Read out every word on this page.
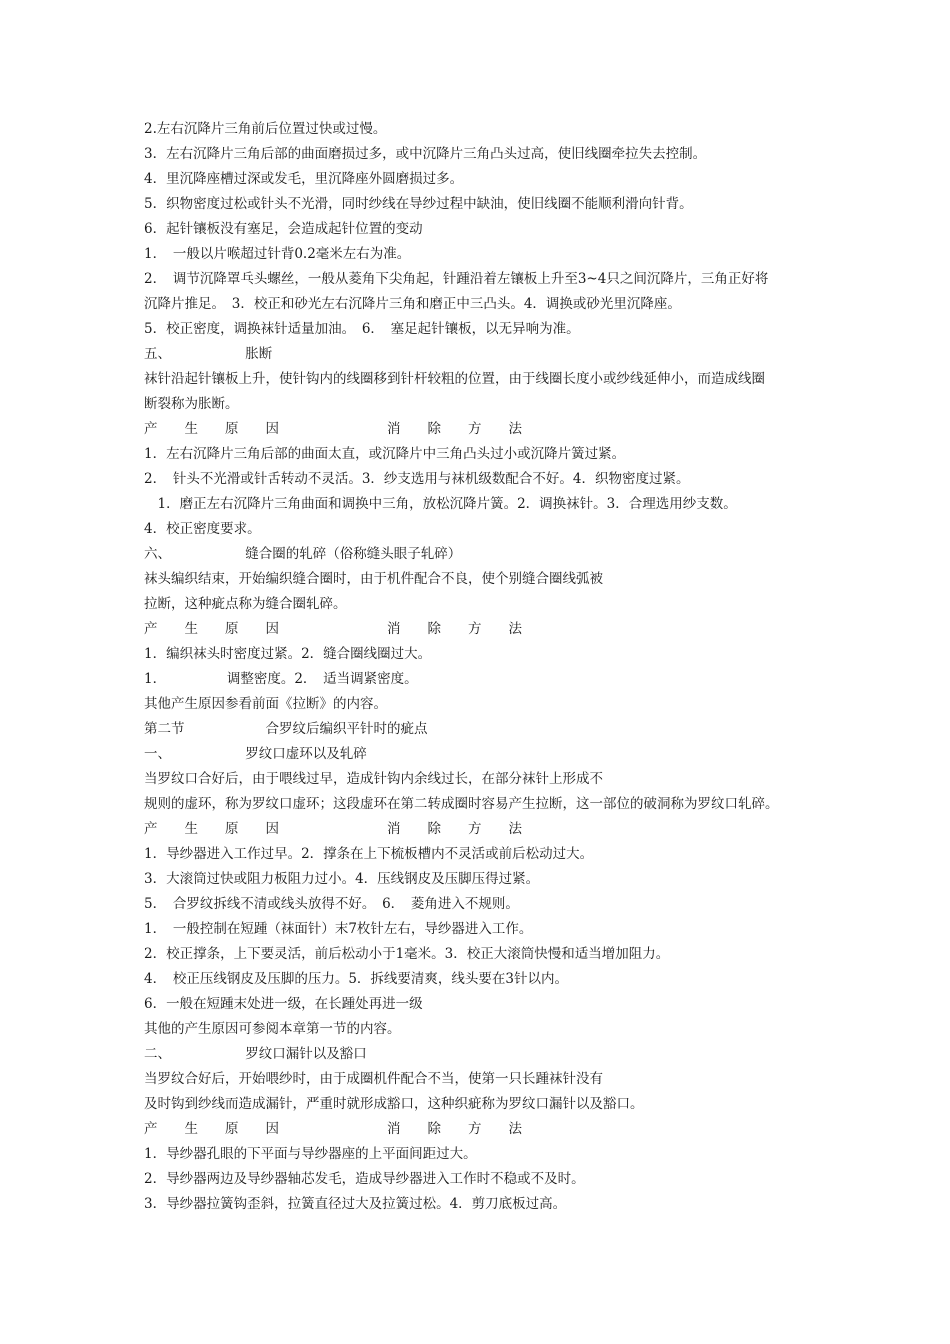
2.左右沉降片三角前后位置过快或过慢。
3．左右沉降片三角后部的曲面磨损过多，或中沉降片三角凸头过高，使旧线圈牵拉失去控制。
4．里沉降座槽过深或发毛，里沉降座外圆磨损过多。
5．织物密度过松或针头不光滑，同时纱线在导纱过程中缺油，使旧线圈不能顺利滑向针背。
6．起针镶板没有塞足，会造成起针位置的变动
1．　一般以片喉超过针背0.2毫米左右为准。
2．　调节沉降罩乓头螺丝，一般从菱角下尖角起，针踵沿着左镶板上升至3~4只之间沉降片，三角正好将
沉降片推足。　3．校正和砂光左右沉降片三角和磨正中三凸头。4．调换或砂光里沉降座。
5．校正密度，调换袜针适量加油。　6．　塞足起针镶板，以无异响为准。
五、　　　　　　胀断
袜针沿起针镶板上升，使针钩内的线圈移到针杆较粗的位置，由于线圈长度小或纱线延伸小，而造成线圈
断裂称为胀断。
产　　生　　原　　因　　　　　　　　消　　除　　方　　法
1．左右沉降片三角后部的曲面太直，或沉降片中三角凸头过小或沉降片簧过紧。
2．　针头不光滑或针舌转动不灵活。3．纱支选用与袜机级数配合不好。4．织物密度过紧。
　1．磨正左右沉降片三角曲面和调换中三角，放松沉降片簧。2．调换袜针。3．合理选用纱支数。
4．校正密度要求。
六、　　　　　　缝合圈的轧碎（俗称缝头眼子轧碎）
袜头编织结束，开始编织缝合圈时，由于机件配合不良，使个别缝合圈线弧被
拉断，这种疵点称为缝合圈轧碎。
产　　生　　原　　因　　　　　　　　消　　除　　方　　法
1．编织袜头时密度过紧。2．缝合圈线圈过大。
1．　　　　　调整密度。2．　适当调紧密度。
其他产生原因参看前面《拉断》的内容。
第二节　　　　　　合罗纹后编织平针时的疵点
一、　　　　　　罗纹口虚环以及轧碎
当罗纹口合好后，由于喂线过早，造成针钩内余线过长，在部分袜针上形成不
规则的虚环，称为罗纹口虚环；这段虚环在第二转成圈时容易产生拉断，这一部位的破洞称为罗纹口轧碎。
产　　生　　原　　因　　　　　　　　消　　除　　方　　法
1．导纱器进入工作过早。2．撑条在上下梳板槽内不灵活或前后松动过大。
3．大滚筒过快或阻力板阻力过小。4．压线钢皮及压脚压得过紧。
5．　合罗纹拆线不清或线头放得不好。　6．　菱角进入不规则。
1．　一般控制在短踵（袜面针）末7枚针左右，导纱器进入工作。
2．校正撑条，上下要灵活，前后松动小于1毫米。3．校正大滚筒快慢和适当增加阻力。
4．　校正压线钢皮及压脚的压力。5．拆线要清爽，线头要在3针以内。
6．一般在短踵末处进一级，在长踵处再进一级
其他的产生原因可参阅本章第一节的内容。
二、　　　　　　罗纹口漏针以及豁口
当罗纹合好后，开始喂纱时，由于成圈机件配合不当，使第一只长踵袜针没有
及时钩到纱线而造成漏针，严重时就形成豁口，这种织疵称为罗纹口漏针以及豁口。
产　　生　　原　　因　　　　　　　　消　　除　　方　　法
1．导纱器孔眼的下平面与导纱器座的上平面间距过大。
2．导纱器两边及导纱器轴芯发毛，造成导纱器进入工作时不稳或不及时。
3．导纱器拉簧钩歪斜，拉簧直径过大及拉簧过松。4．剪刀底板过高。
